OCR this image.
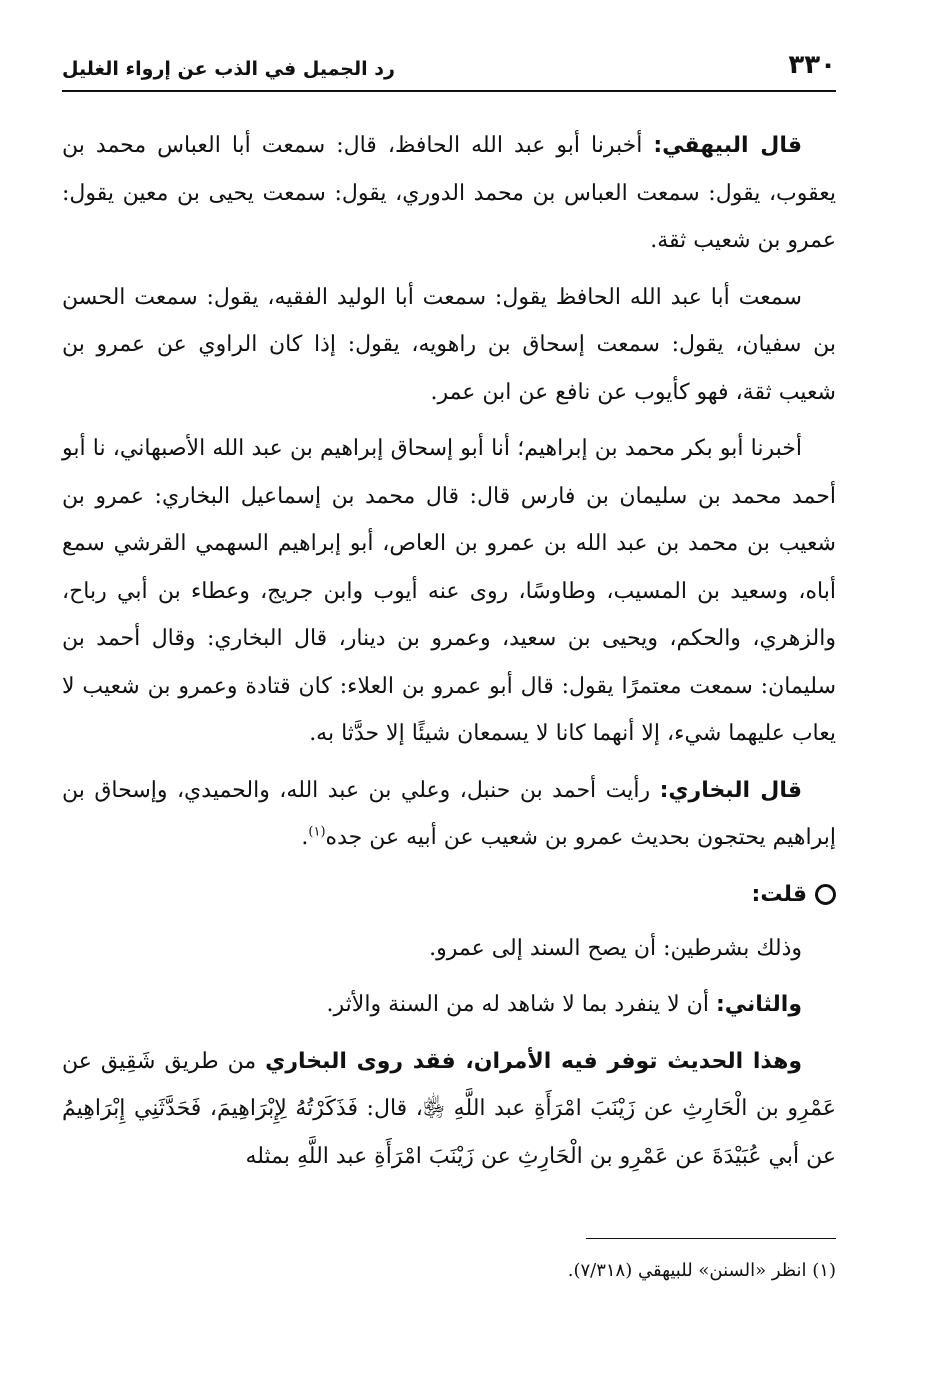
٣٣٠
رد الجميل في الذب عن إرواء الغليل

قال البيهقي: أخبرنا أبو عبد الله الحافظ، قال: سمعت أبا العباس محمد بن يعقوب، يقول: سمعت العباس بن محمد الدوري، يقول: سمعت يحيى بن معين يقول: عمرو بن شعيب ثقة.

سمعت أبا عبد الله الحافظ يقول: سمعت أبا الوليد الفقيه، يقول: سمعت الحسن بن سفيان، يقول: سمعت إسحاق بن راهويه، يقول: إذا كان الراوي عن عمرو بن شعيب ثقة، فهو كأيوب عن نافع عن ابن عمر.

أخبرنا أبو بكر محمد بن إبراهيم؛ أنا أبو إسحاق إبراهيم بن عبد الله الأصبهاني، نا أبو أحمد محمد بن سليمان بن فارس قال: قال محمد بن إسماعيل البخاري: عمرو بن شعيب بن محمد بن عبد الله بن عمرو بن العاص، أبو إبراهيم السهمي القرشي سمع أباه، وسعيد بن المسيب، وطاوسًا، روى عنه أيوب وابن جريج، وعطاء بن أبي رباح، والزهري، والحكم، ويحيى بن سعيد، وعمرو بن دينار، قال البخاري: وقال أحمد بن سليمان: سمعت معتمرًا يقول: قال أبو عمرو بن العلاء: كان قتادة وعمرو بن شعيب لا يعاب عليهما شيء، إلا أنهما كانا لا يسمعان شيئًا إلا حدَّثا به.

قال البخاري: رأيت أحمد بن حنبل، وعلي بن عبد الله، والحميدي، وإسحاق بن إبراهيم يحتجون بحديث عمرو بن شعيب عن أبيه عن جده$^{(١)}$.

قلت:

وذلك بشرطين: أن يصح السند إلى عمرو.

والثاني: أن لا ينفرد بما لا شاهد له من السنة والأثر.

وهذا الحديث توفر فيه الأمران، فقد روى البخاري من طريق شَقِيق عن عَمْرِو بن الْحَارِثِ عن زَيْنَبَ امْرَأَةِ عبد اللَّهِ ﵂، قال: فَذَكَرْتُهُ لِإِبْرَاهِيمَ، فَحَدَّثَنِي إِبْرَاهِيمُ عن أبي عُبَيْدَةَ عن عَمْرِو بن الْحَارِثِ عن زَيْنَبَ امْرَأَةِ عبد اللَّهِ بمثله

(١) انظر «السنن» للبيهقي (٧/٣١٨).
